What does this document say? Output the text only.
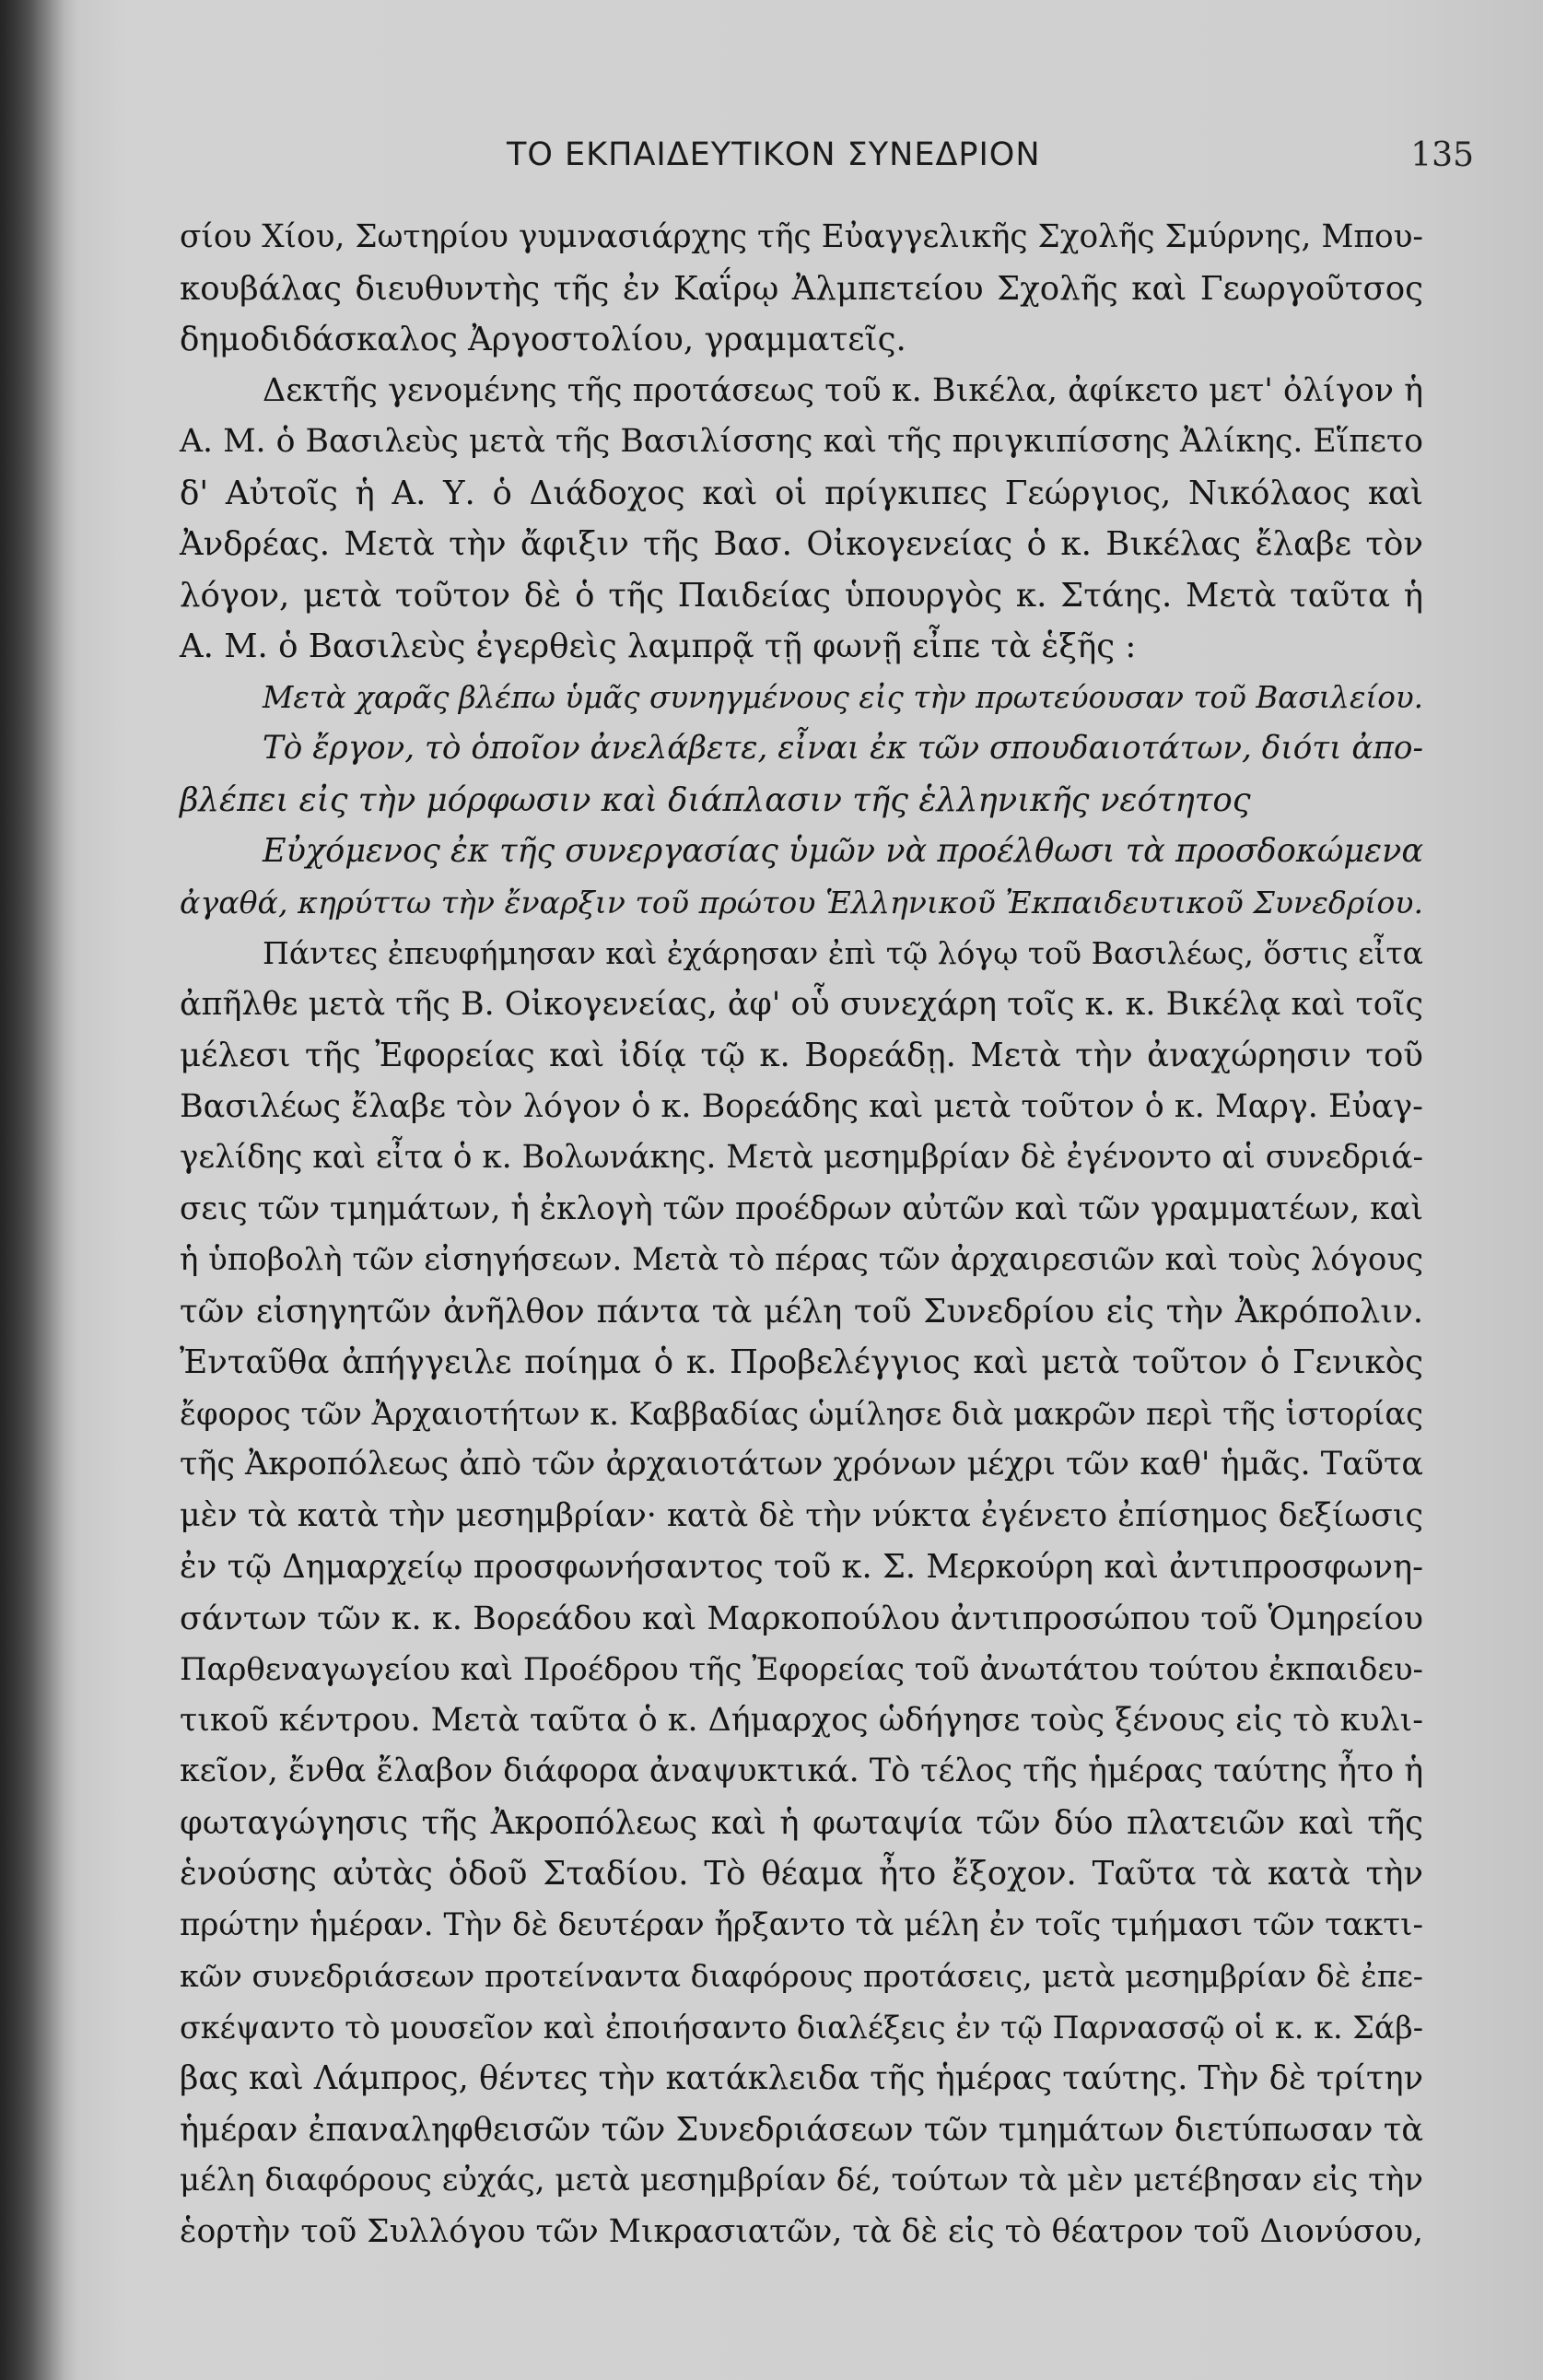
ΤΟ ΕΚΠΑΙΔΕΥΤΙΚΟΝ ΣΥΝΕΔΡΙΟΝ	135
σίου Χίου, Σωτηρίου γυμνασιάρχης τῆς Εὐαγγελικῆς Σχολῆς Σμύρνης, Μπου-
κουβάλας διευθυντὴς τῆς ἐν Καΐρῳ Ἀλμπετείου Σχολῆς καὶ Γεωργοῦτσος
δημοδιδάσκαλος Ἀργοστολίου, γραμματεῖς.
Δεκτῆς γενομένης τῆς προτάσεως τοῦ κ. Βικέλα, ἀφίκετο μετ' ὀλίγον ἡ
Α. Μ. ὁ Βασιλεὺς μετὰ τῆς Βασιλίσσης καὶ τῆς πριγκιπίσσης Ἀλίκης. Εἵπετο
δ' Αὐτοῖς ἡ Α. Υ. ὁ Διάδοχος καὶ οἱ πρίγκιπες Γεώργιος, Νικόλαος καὶ
Ἀνδρέας. Μετὰ τὴν ἄφιξιν τῆς Βασ. Οἰκογενείας ὁ κ. Βικέλας ἔλαβε τὸν
λόγον, μετὰ τοῦτον δὲ ὁ τῆς Παιδείας ὑπουργὸς κ. Στάης. Μετὰ ταῦτα ἡ
Α. Μ. ὁ Βασιλεὺς ἐγερθεὶς λαμπρᾷ τῇ φωνῇ εἶπε τὰ ἑξῆς :
Μετὰ χαρᾶς βλέπω ὑμᾶς συνηγμένους εἰς τὴν πρωτεύουσαν τοῦ Βασιλείου.
Τὸ ἔργον, τὸ ὁποῖον ἀνελάβετε, εἶναι ἐκ τῶν σπουδαιοτάτων, διότι ἀπο-
βλέπει εἰς τὴν μόρφωσιν καὶ διάπλασιν τῆς ἑλληνικῆς νεότητος
Εὐχόμενος ἐκ τῆς συνεργασίας ὑμῶν νὰ προέλθωσι τὰ προσδοκώμενα
ἀγαθά, κηρύττω τὴν ἔναρξιν τοῦ πρώτου Ἑλληνικοῦ Ἐκπαιδευτικοῦ Συνεδρίου.
Πάντες ἐπευφήμησαν καὶ ἐχάρησαν ἐπὶ τῷ λόγῳ τοῦ Βασιλέως, ὅστις εἶτα
ἀπῆλθε μετὰ τῆς Β. Οἰκογενείας, ἀφ' οὗ συνεχάρη τοῖς κ. κ. Βικέλᾳ καὶ τοῖς
μέλεσι τῆς Ἐφορείας καὶ ἰδίᾳ τῷ κ. Βορεάδῃ. Μετὰ τὴν ἀναχώρησιν τοῦ
Βασιλέως ἔλαβε τὸν λόγον ὁ κ. Βορεάδης καὶ μετὰ τοῦτον ὁ κ. Μαργ. Εὐαγ-
γελίδης καὶ εἶτα ὁ κ. Βολωνάκης. Μετὰ μεσημβρίαν δὲ ἐγένοντο αἱ συνεδριά-
σεις τῶν τμημάτων, ἡ ἐκλογὴ τῶν προέδρων αὐτῶν καὶ τῶν γραμματέων, καὶ
ἡ ὑποβολὴ τῶν εἰσηγήσεων. Μετὰ τὸ πέρας τῶν ἀρχαιρεσιῶν καὶ τοὺς λόγους
τῶν εἰσηγητῶν ἀνῆλθον πάντα τὰ μέλη τοῦ Συνεδρίου εἰς τὴν Ἀκρόπολιν.
Ἐνταῦθα ἀπήγγειλε ποίημα ὁ κ. Προβελέγγιος καὶ μετὰ τοῦτον ὁ Γενικὸς
ἔφορος τῶν Ἀρχαιοτήτων κ. Καββαδίας ὡμίλησε διὰ μακρῶν περὶ τῆς ἱστορίας
τῆς Ἀκροπόλεως ἀπὸ τῶν ἀρχαιοτάτων χρόνων μέχρι τῶν καθ' ἡμᾶς. Ταῦτα
μὲν τὰ κατὰ τὴν μεσημβρίαν· κατὰ δὲ τὴν νύκτα ἐγένετο ἐπίσημος δεξίωσις
ἐν τῷ Δημαρχείῳ προσφωνήσαντος τοῦ κ. Σ. Μερκούρη καὶ ἀντιπροσφωνη-
σάντων τῶν κ. κ. Βορεάδου καὶ Μαρκοπούλου ἀντιπροσώπου τοῦ Ὁμηρείου
Παρθεναγωγείου καὶ Προέδρου τῆς Ἐφορείας τοῦ ἀνωτάτου τούτου ἐκπαιδευ-
τικοῦ κέντρου. Μετὰ ταῦτα ὁ κ. Δήμαρχος ὡδήγησε τοὺς ξένους εἰς τὸ κυλι-
κεῖον, ἔνθα ἔλαβον διάφορα ἀναψυκτικά. Τὸ τέλος τῆς ἡμέρας ταύτης ἦτο ἡ
φωταγώγησις τῆς Ἀκροπόλεως καὶ ἡ φωταψία τῶν δύο πλατειῶν καὶ τῆς
ἑνούσης αὐτὰς ὁδοῦ Σταδίου. Τὸ θέαμα ἦτο ἔξοχον. Ταῦτα τὰ κατὰ τὴν
πρώτην ἡμέραν. Τὴν δὲ δευτέραν ἤρξαντο τὰ μέλη ἐν τοῖς τμήμασι τῶν τακτι-
κῶν συνεδριάσεων προτείναντα διαφόρους προτάσεις, μετὰ μεσημβρίαν δὲ ἐπε-
σκέψαντο τὸ μουσεῖον καὶ ἐποιήσαντο διαλέξεις ἐν τῷ Παρνασσῷ οἱ κ. κ. Σάβ-
βας καὶ Λάμπρος, θέντες τὴν κατάκλειδα τῆς ἡμέρας ταύτης. Τὴν δὲ τρίτην
ἡμέραν ἐπαναληφθεισῶν τῶν Συνεδριάσεων τῶν τμημάτων διετύπωσαν τὰ
μέλη διαφόρους εὐχάς, μετὰ μεσημβρίαν δέ, τούτων τὰ μὲν μετέβησαν εἰς τὴν
ἑορτὴν τοῦ Συλλόγου τῶν Μικρασιατῶν, τὰ δὲ εἰς τὸ θέατρον τοῦ Διονύσου,
